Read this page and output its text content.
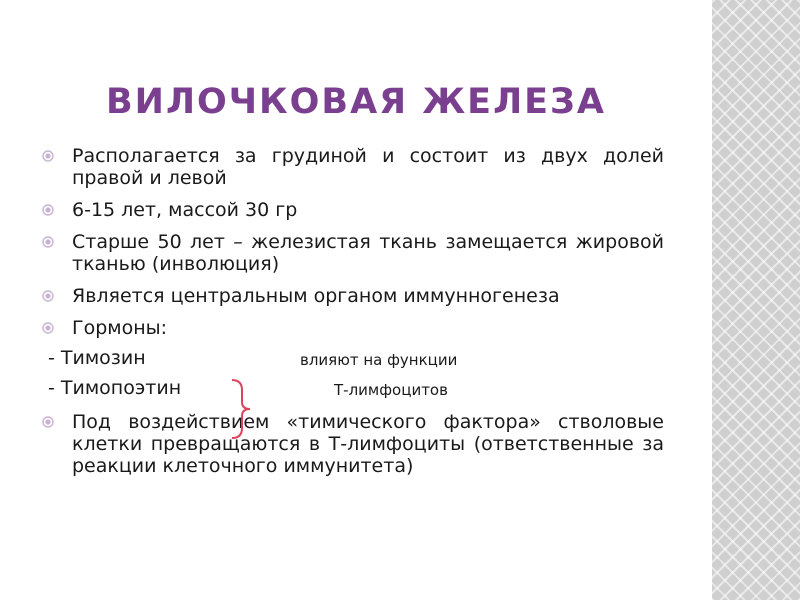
ВИЛОЧКОВАЯ ЖЕЛЕЗА
Располагается за грудиной и состоит из двух долей правой и левой
6-15 лет, массой 30 гр
Старше 50 лет – железистая ткань замещается жировой тканью (инволюция)
Является центральным органом иммунногенеза
Гормоны:
- Тимозин	влияют на функции
- Тимопоэтин	Т-лимфоцитов
Под воздействием «тимического фактора» стволовые клетки превращаются в Т-лимфоциты (ответственные за реакции клеточного иммунитета)
